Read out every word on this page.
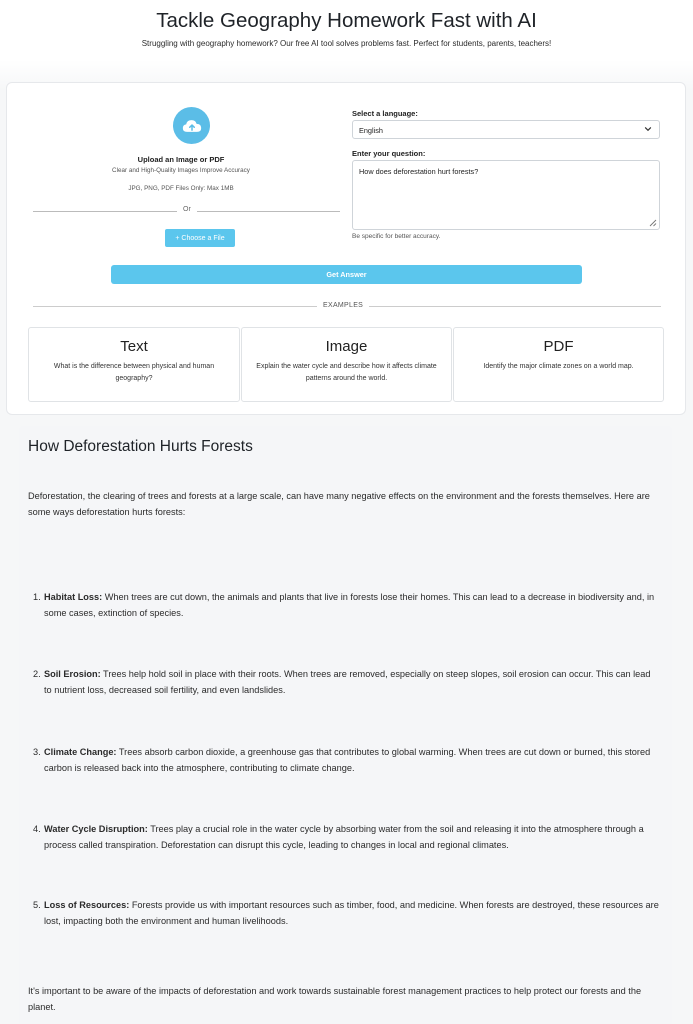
Tackle Geography Homework Fast with AI
Struggling with geography homework? Our free AI tool solves problems fast. Perfect for students, parents, teachers!
Upload an Image or PDF
Clear and High-Quality Images Improve Accuracy
JPG, PNG, PDF Files Only: Max 1MB
Or
+ Choose a File
Select a language:
English
Enter your question:
How does deforestation hurt forests?
Be specific for better accuracy.
Get Answer
EXAMPLES
Text
What is the difference between physical and human geography?
Image
Explain the water cycle and describe how it affects climate patterns around the world.
PDF
Identify the major climate zones on a world map.
How Deforestation Hurts Forests
Deforestation, the clearing of trees and forests at a large scale, can have many negative effects on the environment and the forests themselves. Here are some ways deforestation hurts forests:
1. Habitat Loss: When trees are cut down, the animals and plants that live in forests lose their homes. This can lead to a decrease in biodiversity and, in some cases, extinction of species.
2. Soil Erosion: Trees help hold soil in place with their roots. When trees are removed, especially on steep slopes, soil erosion can occur. This can lead to nutrient loss, decreased soil fertility, and even landslides.
3. Climate Change: Trees absorb carbon dioxide, a greenhouse gas that contributes to global warming. When trees are cut down or burned, this stored carbon is released back into the atmosphere, contributing to climate change.
4. Water Cycle Disruption: Trees play a crucial role in the water cycle by absorbing water from the soil and releasing it into the atmosphere through a process called transpiration. Deforestation can disrupt this cycle, leading to changes in local and regional climates.
5. Loss of Resources: Forests provide us with important resources such as timber, food, and medicine. When forests are destroyed, these resources are lost, impacting both the environment and human livelihoods.
It's important to be aware of the impacts of deforestation and work towards sustainable forest management practices to help protect our forests and the planet.
